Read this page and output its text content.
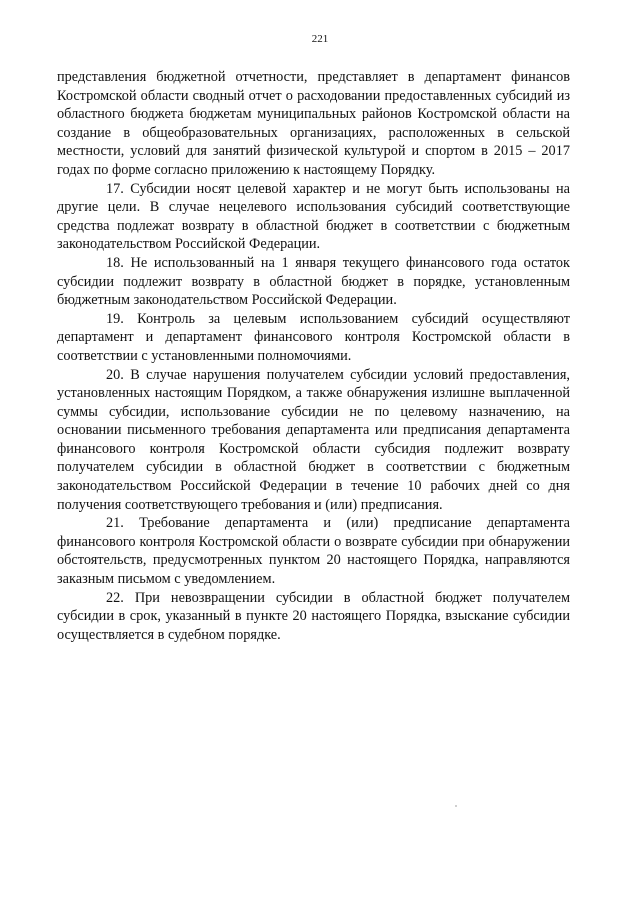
221

представления бюджетной отчетности, представляет в департамент финансов Костромской области сводный отчет о расходовании предоставленных субсидий из областного бюджета бюджетам муниципальных районов Костромской области на создание в общеобразовательных организациях, расположенных в сельской местности, условий для занятий физической культурой и спортом в 2015 – 2017 годах по форме согласно приложению к настоящему Порядку.

17. Субсидии носят целевой характер и не могут быть использованы на другие цели. В случае нецелевого использования субсидий соответствующие средства подлежат возврату в областной бюджет в соответствии с бюджетным законодательством Российской Федерации.

18. Не использованный на 1 января текущего финансового года остаток субсидии подлежит возврату в областной бюджет в порядке, установленным бюджетным законодательством Российской Федерации.

19. Контроль за целевым использованием субсидий осуществляют департамент и департамент финансового контроля Костромской области в соответствии с установленными полномочиями.

20. В случае нарушения получателем субсидии условий предоставления, установленных настоящим Порядком, а также обнаружения излишне выплаченной суммы субсидии, использование субсидии не по целевому назначению, на основании письменного требования департамента или предписания департамента финансового контроля Костромской области субсидия подлежит возврату получателем субсидии в областной бюджет в соответствии с бюджетным законодательством Российской Федерации в течение 10 рабочих дней со дня получения соответствующего требования и (или) предписания.

21. Требование департамента и (или) предписание департамента финансового контроля Костромской области о возврате субсидии при обнаружении обстоятельств, предусмотренных пунктом 20 настоящего Порядка, направляются заказным письмом с уведомлением.

22. При невозвращении субсидии в областной бюджет получателем субсидии в срок, указанный в пункте 20 настоящего Порядка, взыскание субсидии осуществляется в судебном порядке.
